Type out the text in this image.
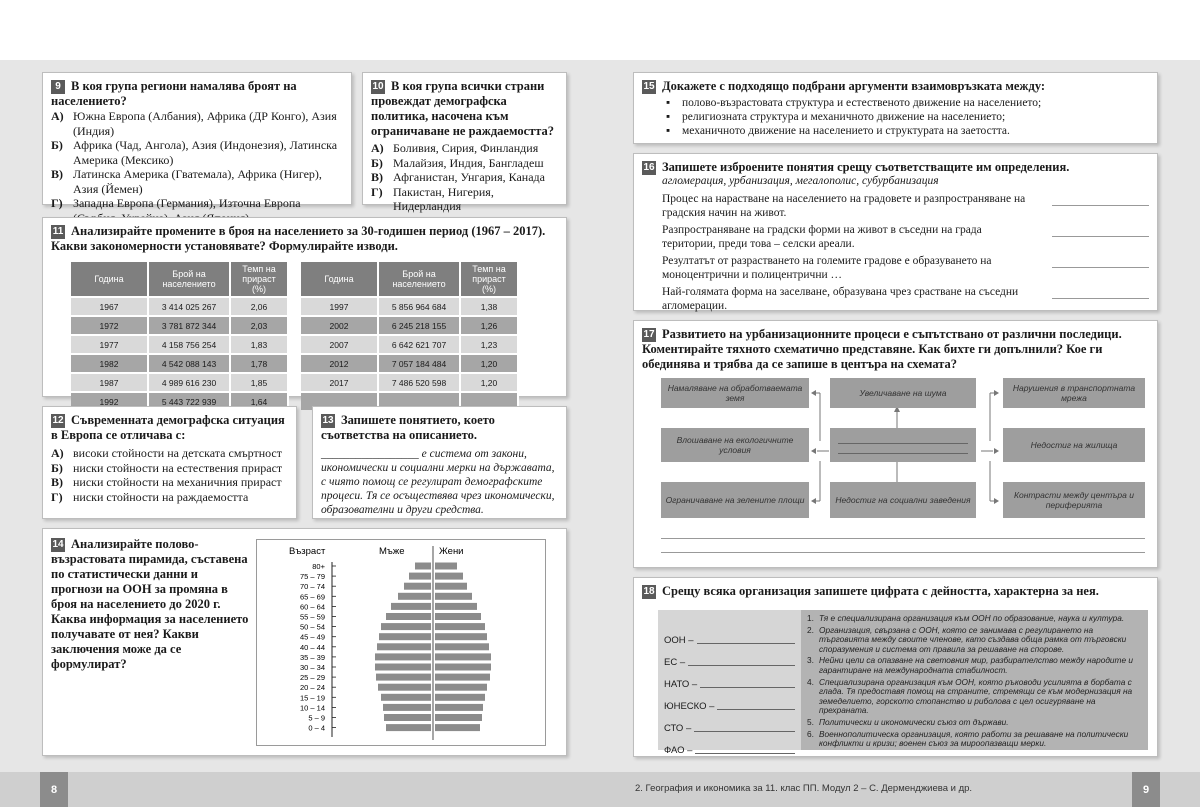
9 В коя група региони намалява броят на населението?
А) Южна Европа (Албания), Африка (ДР Конго), Азия (Индия)
Б) Африка (Чад, Ангола), Азия (Индонезия), Латинска Америка (Мексико)
В) Латинска Америка (Гватемала), Африка (Нигер), Азия (Йемен)
Г) Западна Европа (Германия), Източна Европа
10 В коя група всички страни провеждат демографска политика, насочена към ограничаване не раждаемостта?
А) Боливия, Сирия, Финландия
Б) Малайзия, Индия, Бангладеш
В) Афганистан, Унгария, Канада
Г) Пакистан, Нигерия, Нидерландия
11 Анализирайте промените в броя на населението за 30-годишен период (1967 – 2017). Какви закономерности установявате? Формулирайте изводи.
Година	Брой на населението	Темп на прираст (%)
1967	3 414 025 267	2,06
1972	3 781 872 344	2,03
1977	4 158 756 254	1,83
1982	4 542 088 143	1,78
1987	4 989 616 230	1,85
1992	5 443 722 939	1,64
Година	Брой на населението	Темп на прираст (%)
1997	5 856 964 684	1,38
2002	6 245 218 155	1,26
2007	6 642 621 707	1,23
2012	7 057 184 484	1,20
2017	7 486 520 598	1,20

12 Съвременната демографска ситуация в Европа се отличава с:
А) високи стойности на детската смъртност
Б) ниски стойности на естествения прираст
В) ниски стойности на механичния прираст
Г) ниски стойности на раждаемостта
13 Запишете понятието, което съответства на описанието.
_________________ е система от закони, икономически и социални мерки на държавата, с чиято помощ се регулират демографските процеси. Тя се осъществява чрез икономически, образователни и други средства.
14 Анализирайте полово-възрастовата пирамида, съставена по статистически данни и прогнози на ООН за промяна в броя на населението до 2020 г. Каква информация за населението получавате от нея? Какви заключения може да се формулират?
Възраст	Мъже	Жени
80+
75 – 79
70 – 74
65 – 69
60 – 64
55 – 59
50 – 54
45 – 49
40 – 44
35 – 39
30 – 34
25 – 29
20 – 24
15 – 19
10 – 14
5 – 9
0 – 4
15 Докажете с подходящо подбрани аргументи взаимовръзката между:
▪	полово-възрастовата структура и естественото движение на населението;
▪	религиозната структура и механичното движение на населението;
▪	механичното движение на населението и структурата на заетостта.
16 Запишете изброените понятия срещу съответстващите им определения.
агломерация, урбанизация, мегалополис, субурбанизация
Процес на нарастване на населението на градовете и разпространяване на градския начин на живот.
Разпространяване на градски форми на живот в съседни на града територии, преди това – селски ареали.
Резултатът от разрастването на големите градове е образуването на моноцентрични и полицентрични …
Най-голямата форма на заселване, образувана чрез срастване на съседни агломерации.
17 Развитието на урбанизационните процеси е съпътствано от различни последици. Коментирайте тяхното схематично представяне. Как бихте ги допълнили? Кое ги обединява и трябва да се запише в центъра на схемата?
Намаляване на обработваемата земя
Влошаване на екологичните условия
Ограничаване на зелените площи
Увеличаване на шума
Недостиг на социални заведения
Нарушения в транспортната мрежа
Недостиг на жилища
Контрасти между центъра и периферията
18 Срещу всяка организация запишете цифрата с дейността, характерна за нея.
ООН –
ЕС –
НАТО –
ЮНЕСКО –
СТО –
ФАО –
1. Тя е специализирана организация към ООН по образование, наука и култура.
2. Организация, свързана с ООН, която се занимава с регулирането на търговията между своите членове, като създава обща рамка от търговски споразумения и система от правила за решаване на спорове.
3. Нейни цели са опазване на световния мир, разбирателство между народите и гарантиране на международната стабилност.
4. Специализирана организация към ООН, която ръководи усилията в борбата с глада. Тя предоставя помощ на страните, стремящи се към модернизация на земеделието, горското стопанство и риболова с цел осигуряване на прехраната.
5. Политически и икономически съюз от държави.
6. Военнополитическа организация, която работи за решаване на политически конфликти и кризи; военен съюз за мироопазващи мерки.
8	9
2. География и икономика за 11. клас ПП. Модул 2 – С. Дерменджиева и др.
